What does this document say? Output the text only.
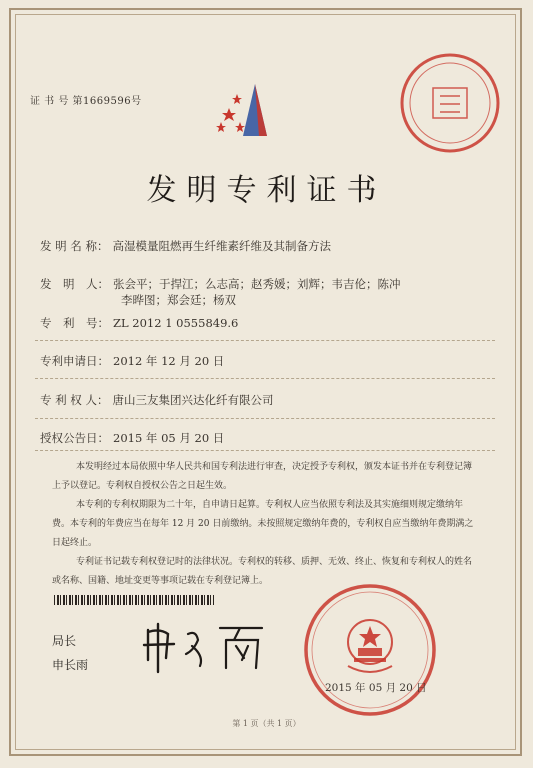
证 书 号 第1669596号
发明专利证书
发 明 名 称： 高湿模量阻燃再生纤维素纤维及其制备方法
发　明　人： 张会平；于捍江；么志高；赵秀媛；刘辉；韦吉伦；陈冲
李晔图；郑会廷；杨双
专　利　号： ZL 2012 1 0555849.6
专利申请日： 2012 年 12 月 20 日
专 利 权 人： 唐山三友集团兴达化纤有限公司
授权公告日： 2015 年 05 月 20 日

本发明经过本局依照中华人民共和国专利法进行审查，决定授予专利权，颁发本证书并在专利登记簿上予以登记。专利权自授权公告之日起生效。

本专利的专利权期限为二十年，自申请日起算。专利权人应当依照专利法及其实施细则规定缴纳年费。本专利的年费应当在每年 12 月 20 日前缴纳。未按照规定缴纳年费的，专利权自应当缴纳年费期满之日起终止。

专利证书记载专利权登记时的法律状况。专利权的转移、质押、无效、终止、恢复和专利权人的姓名或名称、国籍、地址变更等事项记载在专利登记簿上。

局长
申长雨
2015 年 05 月 20 日
第 1 页（共 1 页）
